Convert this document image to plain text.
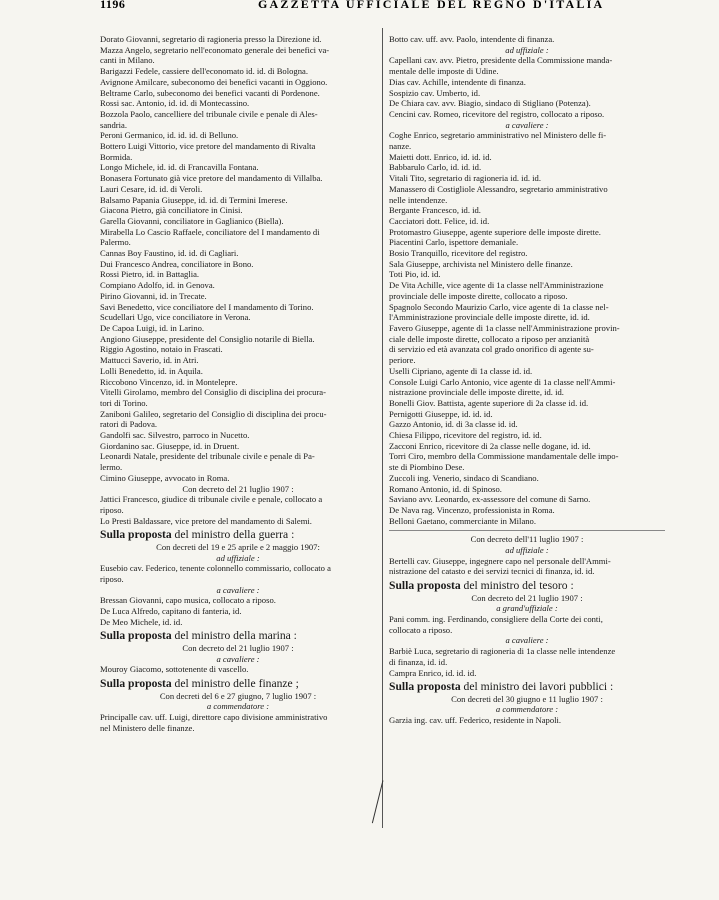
1196	GAZZETTA UFFICIALE DEL REGNO D'ITALIA
Dorato Giovanni, segretario di ragioneria presso la Direzione id.
Mazza Angelo, segretario nell'economato generale dei benefici va-
canti in Milano.
Barigazzi Fedele, cassiere dell'economato id. id. di Bologna.
Avignone Amilcare, subeconomo dei benefici vacanti in Oggiono.
Beltrame Carlo, subeconomo dei benefici vacanti di Pordenone.
Rossi sac. Antonio, id. id. di Montecassino.
Bozzola Paolo, cancelliere del tribunale civile e penale di Ales-
sandria.
Peroni Germanico, id. id. id. di Belluno.
Bottero Luigi Vittorio, vice pretore del mandamento di Rivalta
Bormida.
Longo Michele, id. id. di Francavilla Fontana.
Bonasera Fortunato già vice pretore del mandamento di Villalba.
Lauri Cesare, id. id. di Veroli.
Balsamo Papania Giuseppe, id. id. di Termini Imerese.
Giacona Pietro, già conciliatore in Cinisi.
Garella Giovanni, conciliatore in Gaglianico (Biella).
Mirabella Lo Cascio Raffaele, conciliatore del I mandamento di
Palermo.
Cannas Boy Faustino, id. id. di Cagliari.
Dui Francesco Andrea, conciliatore in Bono.
Rossi Pietro, id. in Battaglia.
Compiano Adolfo, id. in Genova.
Pirino Giovanni, id. in Trecate.
Savi Benedetto, vice conciliatore del I mandamento di Torino.
Scudellari Ugo, vice conciliatore in Verona.
De Capoa Luigi, id. in Larino.
Angiono Giuseppe, presidente del Consiglio notarile di Biella.
Riggio Agostino, notaio in Frascati.
Mattucci Saverio, id. in Atri.
Lolli Benedetto, id. in Aquila.
Riccobono Vincenzo, id. in Montelepre.
Vitelli Girolamo, membro del Consiglio di disciplina dei procura-
tori di Torino.
Zaniboni Galileo, segretario del Consiglio di disciplina dei procu-
ratori di Padova.
Gandolfi sac. Silvestro, parroco in Nucetto.
Giordanino sac. Giuseppe, id. in Druent.
Leonardi Natale, presidente del tribunale civile e penale di Pa-
lermo.
Cimino Giuseppe, avvocato in Roma.
Con decreto del 21 luglio 1907 :
Jattici Francesco, giudice di tribunale civile e penale, collocato a
riposo.
Lo Presti Baldassare, vice pretore del mandamento di Salemi.
Sulla proposta del ministro della guerra :
Con decreti del 19 e 25 aprile e 2 maggio 1907:
ad uffiziale :
Eusebio cav. Federico, tenente colonnello commissario, collocato a
riposo.
a cavaliere :
Bressan Giovanni, capo musica, collocato a riposo.
De Luca Alfredo, capitano di fanteria, id.
De Meo Michele, id. id.
Sulla proposta del ministro della marina :
Con decreto del 21 luglio 1907 :
a cavaliere :
Mouroy Giacomo, sottotenente di vascello.
Sulla proposta del ministro delle finanze ;
Con decreti del 6 e 27 giugno, 7 luglio 1907 :
a commendatore :
Principalle cav. uff. Luigi, direttore capo divisione amministrativo
nel Ministero delle finanze.
Botto cav. uff. avv. Paolo, intendente di finanza.
ad uffiziale :
Capellani cav. avv. Pietro, presidente della Commissione manda-
mentale delle imposte di Udine.
Dias cav. Achille, intendente di finanza.
Sospizio cav. Umberto, id.
De Chiara cav. avv. Biagio, sindaco di Stigliano (Potenza).
Cencini cav. Romeo, ricevitore del registro, collocato a riposo.
a cavaliere :
Coghe Enrico, segretario amministrativo nel Ministero delle fi-
nanze.
Maietti dott. Enrico, id. id. id.
Babbarulo Carlo, id. id. id.
Vitali Tito, segretario di ragioneria id. id. id.
Manassero di Costigliole Alessandro, segretario amministrativo
nelle intendenze.
Bergante Francesco, id. id.
Cacciatori dott. Felice, id. id.
Protomastro Giuseppe, agente superiore delle imposte dirette.
Piacentini Carlo, ispettore demaniale.
Bosio Tranquillo, ricevitore del registro.
Sala Giuseppe, archivista nel Ministero delle finanze.
Toti Pio, id. id.
De Vita Achille, vice agente di 1a classe nell'Amministrazione
provinciale delle imposte dirette, collocato a riposo.
Spagnolo Secondo Maurizio Carlo, vice agente di 1a classe nel-
l'Amministrazione provinciale delle imposte dirette, id. id.
Favero Giuseppe, agente di 1a classe nell'Amministrazione provin-
ciale delle imposte dirette, collocato a riposo per anzianità
di servizio ed età avanzata col grado onorifico di agente su-
periore.
Uselli Cipriano, agente di 1a classe id. id.
Console Luigi Carlo Antonio, vice agente di 1a classe nell'Ammi-
nistrazione provinciale delle imposte dirette, id. id.
Bonelli Giov. Battista, agente superiore di 2a classe id. id.
Pernigotti Giuseppe, id. id. id.
Gazzo Antonio, id. di 3a classe id. id.
Chiesa Filippo, ricevitore del registro, id. id.
Zacconi Enrico, ricevitore di 2a classe nelle dogane, id. id.
Torri Ciro, membro della Commissione mandamentale delle impo-
ste di Piombino Dese.
Zuccoli ing. Venerio, sindaco di Scandiano.
Romano Antonio, id. di Spinoso.
Saviano avv. Leonardo, ex-assessore del comune di Sarno.
De Nava rag. Vincenzo, professionista in Roma.
Belloni Gaetano, commerciante in Milano.
Con decreto dell'11 luglio 1907 :
ad uffiziale :
Bertelli cav. Giuseppe, ingegnere capo nel personale dell'Ammi-
nistrazione del catasto e dei servizi tecnici di finanza, id. id.
Sulla proposta del ministro del tesoro :
Con decreto del 21 luglio 1907 :
a grand'uffiziale :
Pani comm. ing. Ferdinando, consigliere della Corte dei conti,
collocato a riposo.
a cavaliere :
Barbiè Luca, segretario di ragioneria di 1a classe nelle intendenze
di finanza, id. id.
Campra Enrico, id. id. id.
Sulla proposta del ministro dei lavori pubblici :
Con decreti del 30 giugno e 11 luglio 1907 :
a commendatore :
Garzia ing. cav. uff. Federico, residente in Napoli.
